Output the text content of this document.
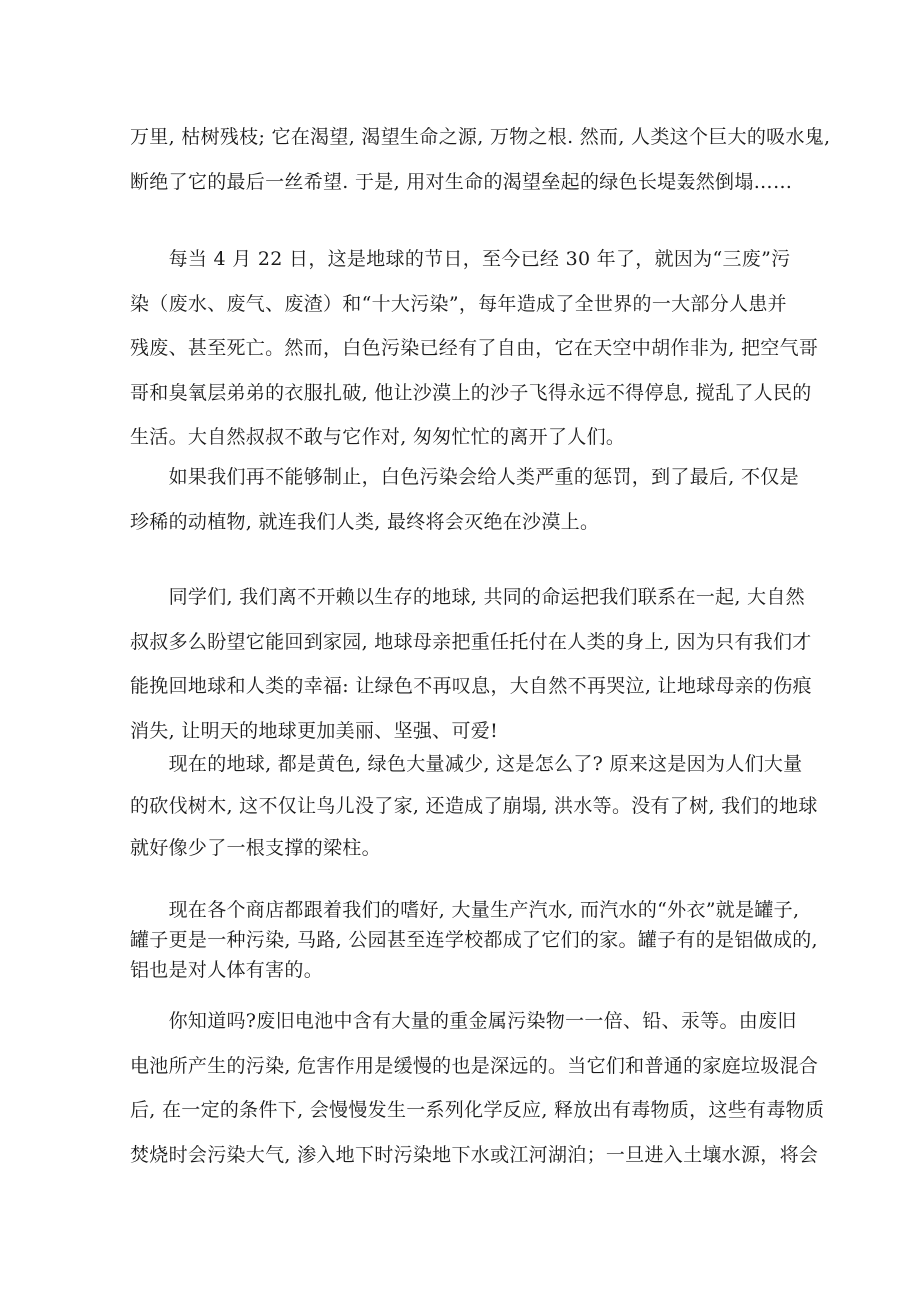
万里, 枯树残枝; 它在渴望, 渴望生命之源, 万物之根. 然而, 人类这个巨大的吸水鬼,
断绝了它的最后一丝希望. 于是, 用对生命的渴望垒起的绿色长堤轰然倒塌……

　　每当 4 月 22 日，这是地球的节日，至今已经 30 年了，就因为“三废”污
染（废水、废气、废渣）和“十大污染”，每年造成了全世界的一大部分人患并
残废、甚至死亡。然而，白色污染已经有了自由，它在天空中胡作非为, 把空气哥
哥和臭氧层弟弟的衣服扎破, 他让沙漠上的沙子飞得永远不得停息, 搅乱了人民的
生活。大自然叔叔不敢与它作对, 匆匆忙忙的离开了人们。

　　如果我们再不能够制止，白色污染会给人类严重的惩罚，到了最后, 不仅是
珍稀的动植物, 就连我们人类, 最终将会灭绝在沙漠上。

　　同学们, 我们离不开赖以生存的地球, 共同的命运把我们联系在一起, 大自然
叔叔多么盼望它能回到家园, 地球母亲把重任托付在人类的身上, 因为只有我们才
能挽回地球和人类的幸福: 让绿色不再叹息，大自然不再哭泣, 让地球母亲的伤痕
消失, 让明天的地球更加美丽、坚强、可爱!

　　现在的地球, 都是黄色, 绿色大量减少, 这是怎么了? 原来这是因为人们大量
的砍伐树木, 这不仅让鸟儿没了家, 还造成了崩塌, 洪水等。没有了树, 我们的地球
就好像少了一根支撑的梁柱。

　　现在各个商店都跟着我们的嗜好, 大量生产汽水, 而汽水的“外衣”就是罐子,
罐子更是一种污染, 马路, 公园甚至连学校都成了它们的家。罐子有的是铝做成的,
铝也是对人体有害的。

　　你知道吗?废旧电池中含有大量的重金属污染物一一倍、铅、汞等。由废旧
电池所产生的污染, 危害作用是缓慢的也是深远的。当它们和普通的家庭垃圾混合
后, 在一定的条件下, 会慢慢发生一系列化学反应, 释放出有毒物质，这些有毒物质
焚烧时会污染大气, 渗入地下时污染地下水或江河湖泊；一旦进入土壤水源，将会
